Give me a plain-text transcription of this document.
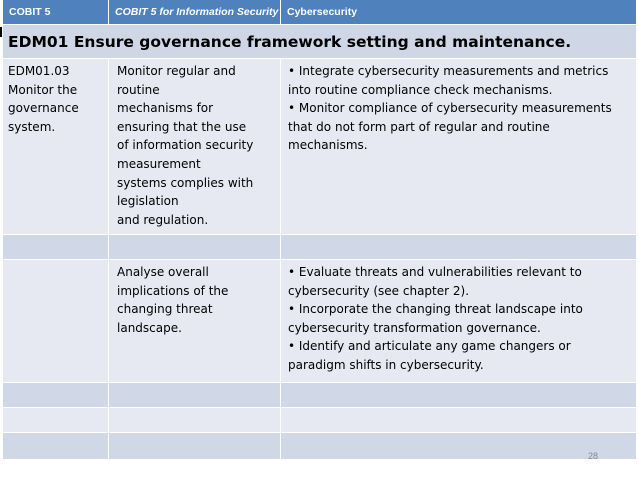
COBIT 5	COBIT 5 for Information Security Cybersecurity
EDM01 Ensure governance framework setting and maintenance.
EDM01.03
Monitor the
governance
system.
Monitor regular and
routine
mechanisms for
ensuring that the use
of information security
measurement
systems complies with
legislation
and regulation.
• Integrate cybersecurity measurements and metrics
into routine compliance check mechanisms.
• Monitor compliance of cybersecurity measurements
that do not form part of regular and routine
mechanisms.
Analyse overall
implications of the
changing threat
landscape.
• Evaluate threats and vulnerabilities relevant to
cybersecurity (see chapter 2).
• Incorporate the changing threat landscape into
cybersecurity transformation governance.
• Identify and articulate any game changers or
paradigm shifts in cybersecurity.
28
